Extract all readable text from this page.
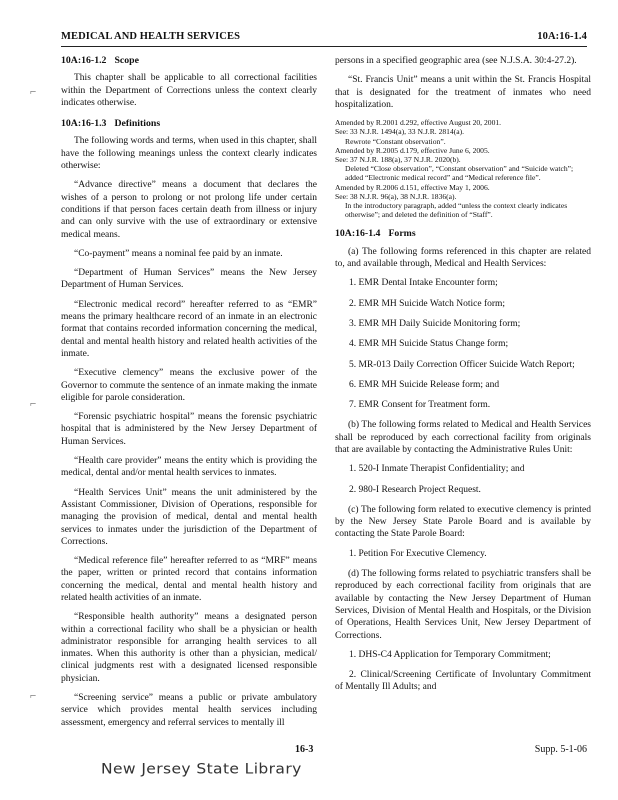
MEDICAL AND HEALTH SERVICES	10A:16-1.4
10A:16-1.2 Scope

This chapter shall be applicable to all correctional facilities within the Department of Corrections unless the context clearly indicates otherwise.

10A:16-1.3 Definitions

The following words and terms, when used in this chapter, shall have the following meanings unless the context clearly indicates otherwise:

“Advance directive” means a document that declares the wishes of a person to prolong or not prolong life under certain conditions if that person faces certain death from illness or injury and can only survive with the use of extraordinary or extensive medical means.

“Co-payment” means a nominal fee paid by an inmate.

“Department of Human Services” means the New Jersey Department of Human Services.

“Electronic medical record” hereafter referred to as “EMR” means the primary healthcare record of an inmate in an electronic format that contains recorded information concerning the medical, dental and mental health history and related health activities of the inmate.

“Executive clemency” means the exclusive power of the Governor to commute the sentence of an inmate making the inmate eligible for parole consideration.

“Forensic psychiatric hospital” means the forensic psychiatric hospital that is administered by the New Jersey Department of Human Services.

“Health care provider” means the entity which is providing the medical, dental and/or mental health services to inmates.

“Health Services Unit” means the unit administered by the Assistant Commissioner, Division of Operations, responsible for managing the provision of medical, dental and mental health services to inmates under the jurisdiction of the Department of Corrections.

“Medical reference file” hereafter referred to as “MRF” means the paper, written or printed record that contains information concerning the medical, dental and mental health history and related health activities of an inmate.

“Responsible health authority” means a designated person within a correctional facility who shall be a physician or health administrator responsible for arranging health services to all inmates. When this authority is other than a physician, medical/ clinical judgments rest with a designated licensed responsible physician.

“Screening service” means a public or private ambulatory service which provides mental health services including assessment, emergency and referral services to mentally ill

persons in a specified geographic area (see N.J.S.A. 30:4-27.2).

“St. Francis Unit” means a unit within the St. Francis Hospital that is designated for the treatment of inmates who need hospitalization.

Amended by R.2001 d.292, effective August 20, 2001.
See: 33 N.J.R. 1494(a), 33 N.J.R. 2814(a).
Rewrote “Constant observation”.
Amended by R.2005 d.179, effective June 6, 2005.
See: 37 N.J.R. 188(a), 37 N.J.R. 2020(b).
Deleted “Close observation”, “Constant observation” and “Suicide watch”; added “Electronic medical record” and “Medical reference file”.
Amended by R.2006 d.151, effective May 1, 2006.
See: 38 N.J.R. 96(a), 38 N.J.R. 1836(a).
In the introductory paragraph, added “unless the context clearly indicates otherwise”; and deleted the definition of “Staff”.
10A:16-1.4 Forms

(a) The following forms referenced in this chapter are related to, and available through, Medical and Health Services:

1. EMR Dental Intake Encounter form;
2. EMR MH Suicide Watch Notice form;
3. EMR MH Daily Suicide Monitoring form;
4. EMR MH Suicide Status Change form;
5. MR-013 Daily Correction Officer Suicide Watch Report;
6. EMR MH Suicide Release form; and
7. EMR Consent for Treatment form.

(b) The following forms related to Medical and Health Services shall be reproduced by each correctional facility from originals that are available by contacting the Administrative Rules Unit:

1. 520-I Inmate Therapist Confidentiality; and
2. 980-I Research Project Request.

(c) The following form related to executive clemency is printed by the New Jersey State Parole Board and is available by contacting the State Parole Board:

1. Petition For Executive Clemency.

(d) The following forms related to psychiatric transfers shall be reproduced by each correctional facility from originals that are available by contacting the New Jersey Department of Human Services, Division of Mental Health and Hospitals, or the Division of Operations, Health Services Unit, New Jersey Department of Corrections.

1. DHS-C4 Application for Temporary Commitment;
2. Clinical/Screening Certificate of Involuntary Commitment of Mentally Ill Adults; and
⌐
⌐
⌐
16-3	Supp. 5-1-06
New Jersey State Library
